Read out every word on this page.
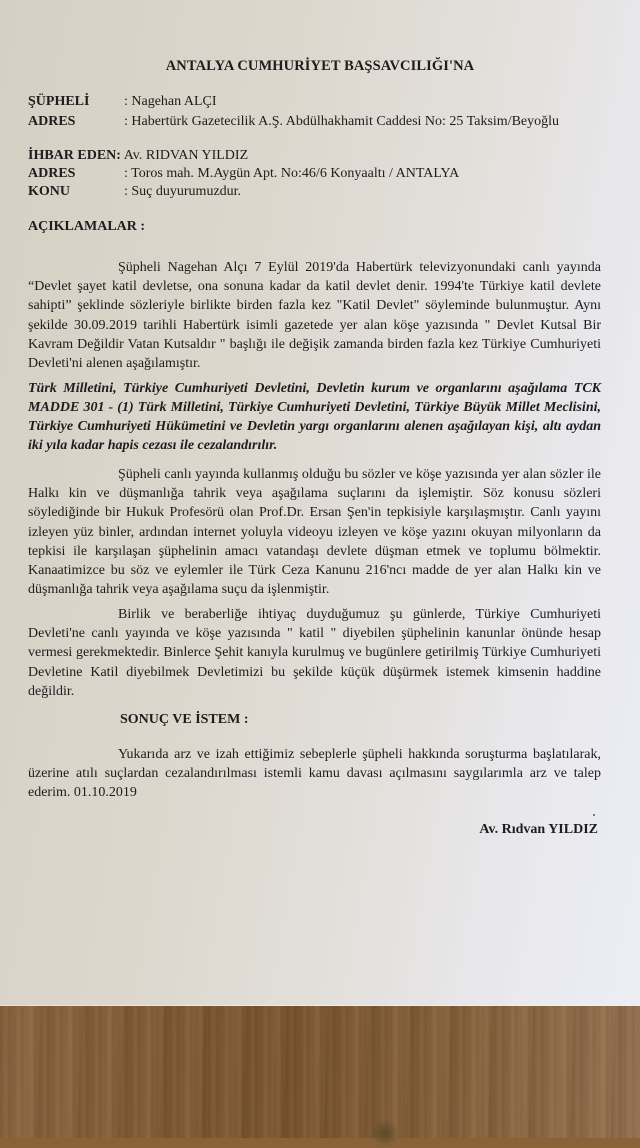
ANTALYA CUMHURİYET BAŞSAVCILIĞI'NA
ŞÜPHELİ : Nagehan ALÇI
ADRES	: Habertürk Gazetecilik A.Ş. Abdülhakhamit Caddesi No: 25 Taksim/Beyoğlu
İHBAR EDEN: Av. RIDVAN YILDIZ
ADRES	: Toros mah. M.Aygün Apt. No:46/6 Konyaaltı / ANTALYA
KONU	: Suç duyurumuzdur.
AÇIKLAMALAR :

Şüpheli Nagehan Alçı 7 Eylül 2019'da Habertürk televizyonundaki canlı yayında “Devlet şayet katil devletse, ona sonuna kadar da katil devlet denir. 1994'te Türkiye katil devlete sahipti” şeklinde sözleriyle birlikte birden fazla kez "Katil Devlet" söyleminde bulunmuştur. Aynı şekilde 30.09.2019 tarihli Habertürk isimli gazetede yer alan köşe yazısında " Devlet Kutsal Bir Kavram Değildir Vatan Kutsaldır " başlığı ile değişik zamanda birden fazla kez Türkiye Cumhuriyeti Devleti'ni alenen aşağılamıştır.

Türk Milletini, Türkiye Cumhuriyeti Devletini, Devletin kurum ve organlarını aşağılama TCK MADDE 301 - (1) Türk Milletini, Türkiye Cumhuriyeti Devletini, Türkiye Büyük Millet Meclisini, Türkiye Cumhuriyeti Hükümetini ve Devletin yargı organlarını alenen aşağılayan kişi, altı aydan iki yıla kadar hapis cezası ile cezalandırılır.

Şüpheli canlı yayında kullanmış olduğu bu sözler ve köşe yazısında yer alan sözler ile Halkı kin ve düşmanlığa tahrik veya aşağılama suçlarını da işlemiştir. Söz konusu sözleri söylediğinde bir Hukuk Profesörü olan Prof.Dr. Ersan Şen'in tepkisiyle karşılaşmıştır. Canlı yayını izleyen yüz binler, ardından internet yoluyla videoyu izleyen ve köşe yazını okuyan milyonların da tepkisi ile karşılaşan şüphelinin amacı vatandaşı devlete düşman etmek ve toplumu bölmektir. Kanaatimizce bu söz ve eylemler ile Türk Ceza Kanunu 216'ncı madde de yer alan Halkı kin ve düşmanlığa tahrik veya aşağılama suçu da işlenmiştir.

Birlik ve beraberliğe ihtiyaç duyduğumuz şu günlerde, Türkiye Cumhuriyeti Devleti'ne canlı yayında ve köşe yazısında " katil " diyebilen şüphelinin kanunlar önünde hesap vermesi gerekmektedir. Binlerce Şehit kanıyla kurulmuş ve bugünlere getirilmiş Türkiye Cumhuriyeti Devletine Katil diyebilmek Devletimizi bu şekilde küçük düşürmek istemek kimsenin haddine değildir.

SONUÇ VE İSTEM :

Yukarıda arz ve izah ettiğimiz sebeplerle şüpheli hakkında soruşturma başlatılarak, üzerine atılı suçlardan cezalandırılması istemli kamu davası açılmasını saygılarımla arz ve talep ederim. 01.10.2019

Av. Rıdvan YILDIZ
